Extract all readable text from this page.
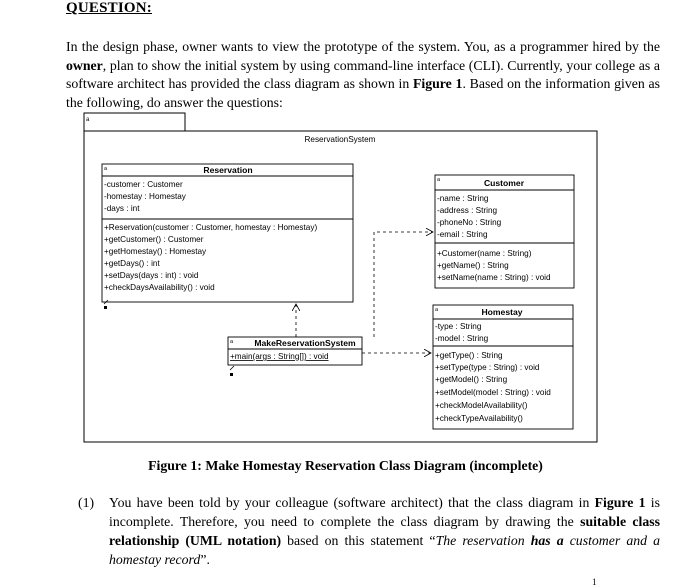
QUESTION:
In the design phase, owner wants to view the prototype of the system. You, as a programmer hired by the owner, plan to show the initial system by using command-line interface (CLI). Currently, your college as a software architect has provided the class diagram as shown in Figure 1. Based on the information given as the following, do answer the questions:
a
ReservationSystem
a	Reservation
-customer : Customer
-homestay : Homestay
-days : int
+Reservation(customer : Customer, homestay : Homestay)
+getCustomer() : Customer
+getHomestay() : Homestay
+getDays() : int
+setDays(days : int) : void
+checkDaysAvailability() : void
a	Customer
-name : String
-address : String
-phoneNo : String
-email : String
+Customer(name : String)
+getName() : String
+setName(name : String) : void
a	Homestay
-type : String
-model : String
+getType() : String
+setType(type : String) : void
+getModel() : String
+setModel(model : String) : void
+checkModelAvailability()
+checkTypeAvailability()
a MakeReservationSystem
+main(args : String[]) : void
Figure 1: Make Homestay Reservation Class Diagram (incomplete)
(1) You have been told by your colleague (software architect) that the class diagram in Figure 1 is incomplete. Therefore, you need to complete the class diagram by drawing the suitable class relationship (UML notation) based on this statement “The reservation has a customer and a homestay record”.
1
